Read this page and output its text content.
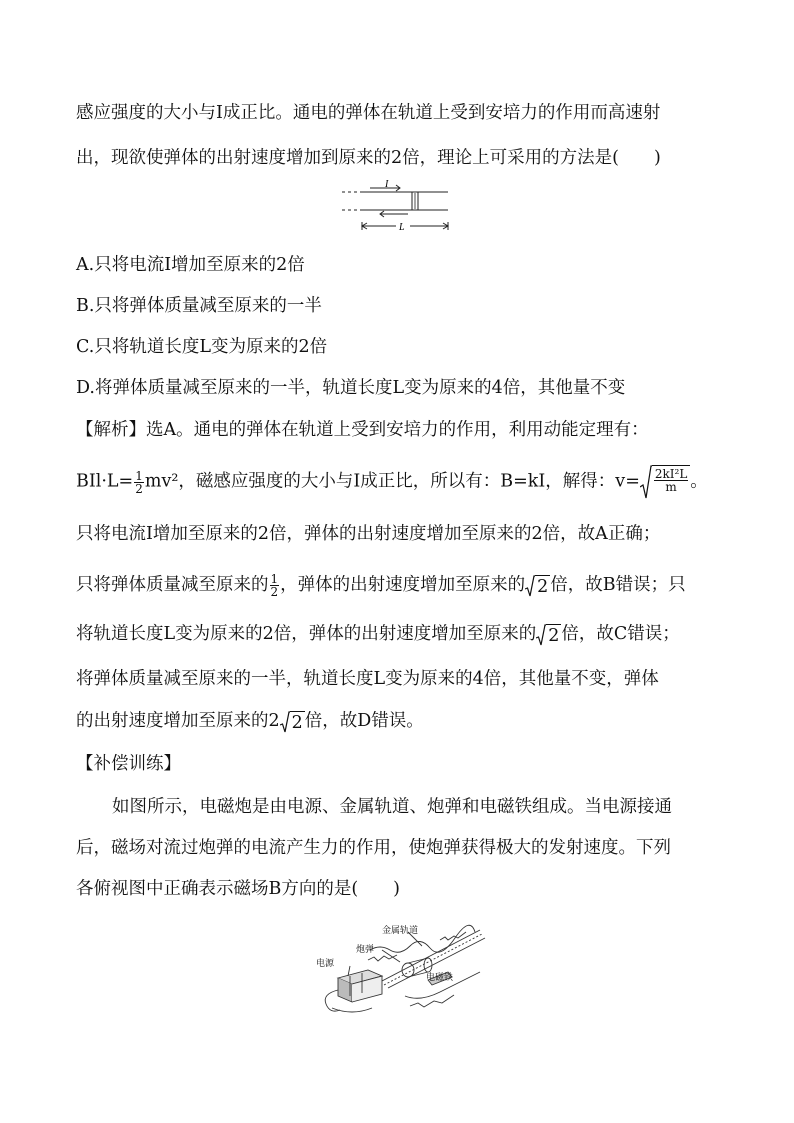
感应强度的大小与Ⅰ成正比。通电的弹体在轨道上受到安培力的作用而高速射
出，现欲使弹体的出射速度增加到原来的2倍，理论上可采用的方法是(　　)
I
L
A.只将电流Ⅰ增加至原来的2倍
B.只将弹体质量减至原来的一半
C.只将轨道长度L变为原来的2倍
D.将弹体质量减至原来的一半，轨道长度L变为原来的4倍，其他量不变
【解析】选A。通电的弹体在轨道上受到安培力的作用，利用动能定理有：
$BIl\cdot L= \frac{1}{2} mv^2$，磁感应强度的大小与Ⅰ成正比，所以有：B=kI，解得：$v= \frac{\text{2kI²L}}{m}$ 。
只将电流Ⅰ增加至原来的2倍，弹体的出射速度增加至原来的2倍，故A正确；
只将弹体质量减至原来的 $\frac{1}{2}$ ，弹体的出射速度增加至原来的 2 倍，故B错误；只
将轨道长度L变为原来的2倍，弹体的出射速度增加至原来的 2 倍，故C错误；
将弹体质量减至原来的一半，轨道长度L变为原来的4倍，其他量不变，弹体
的出射速度增加至原来的2 2 倍，故D错误。
【补偿训练】
如图所示，电磁炮是由电源、金属轨道、炮弹和电磁铁组成。当电源接通
后，磁场对流过炮弹的电流产生力的作用，使炮弹获得极大的发射速度。下列
各俯视图中正确表示磁场B方向的是(　　)
金属轨道
炮弹
电源
电磁铁
